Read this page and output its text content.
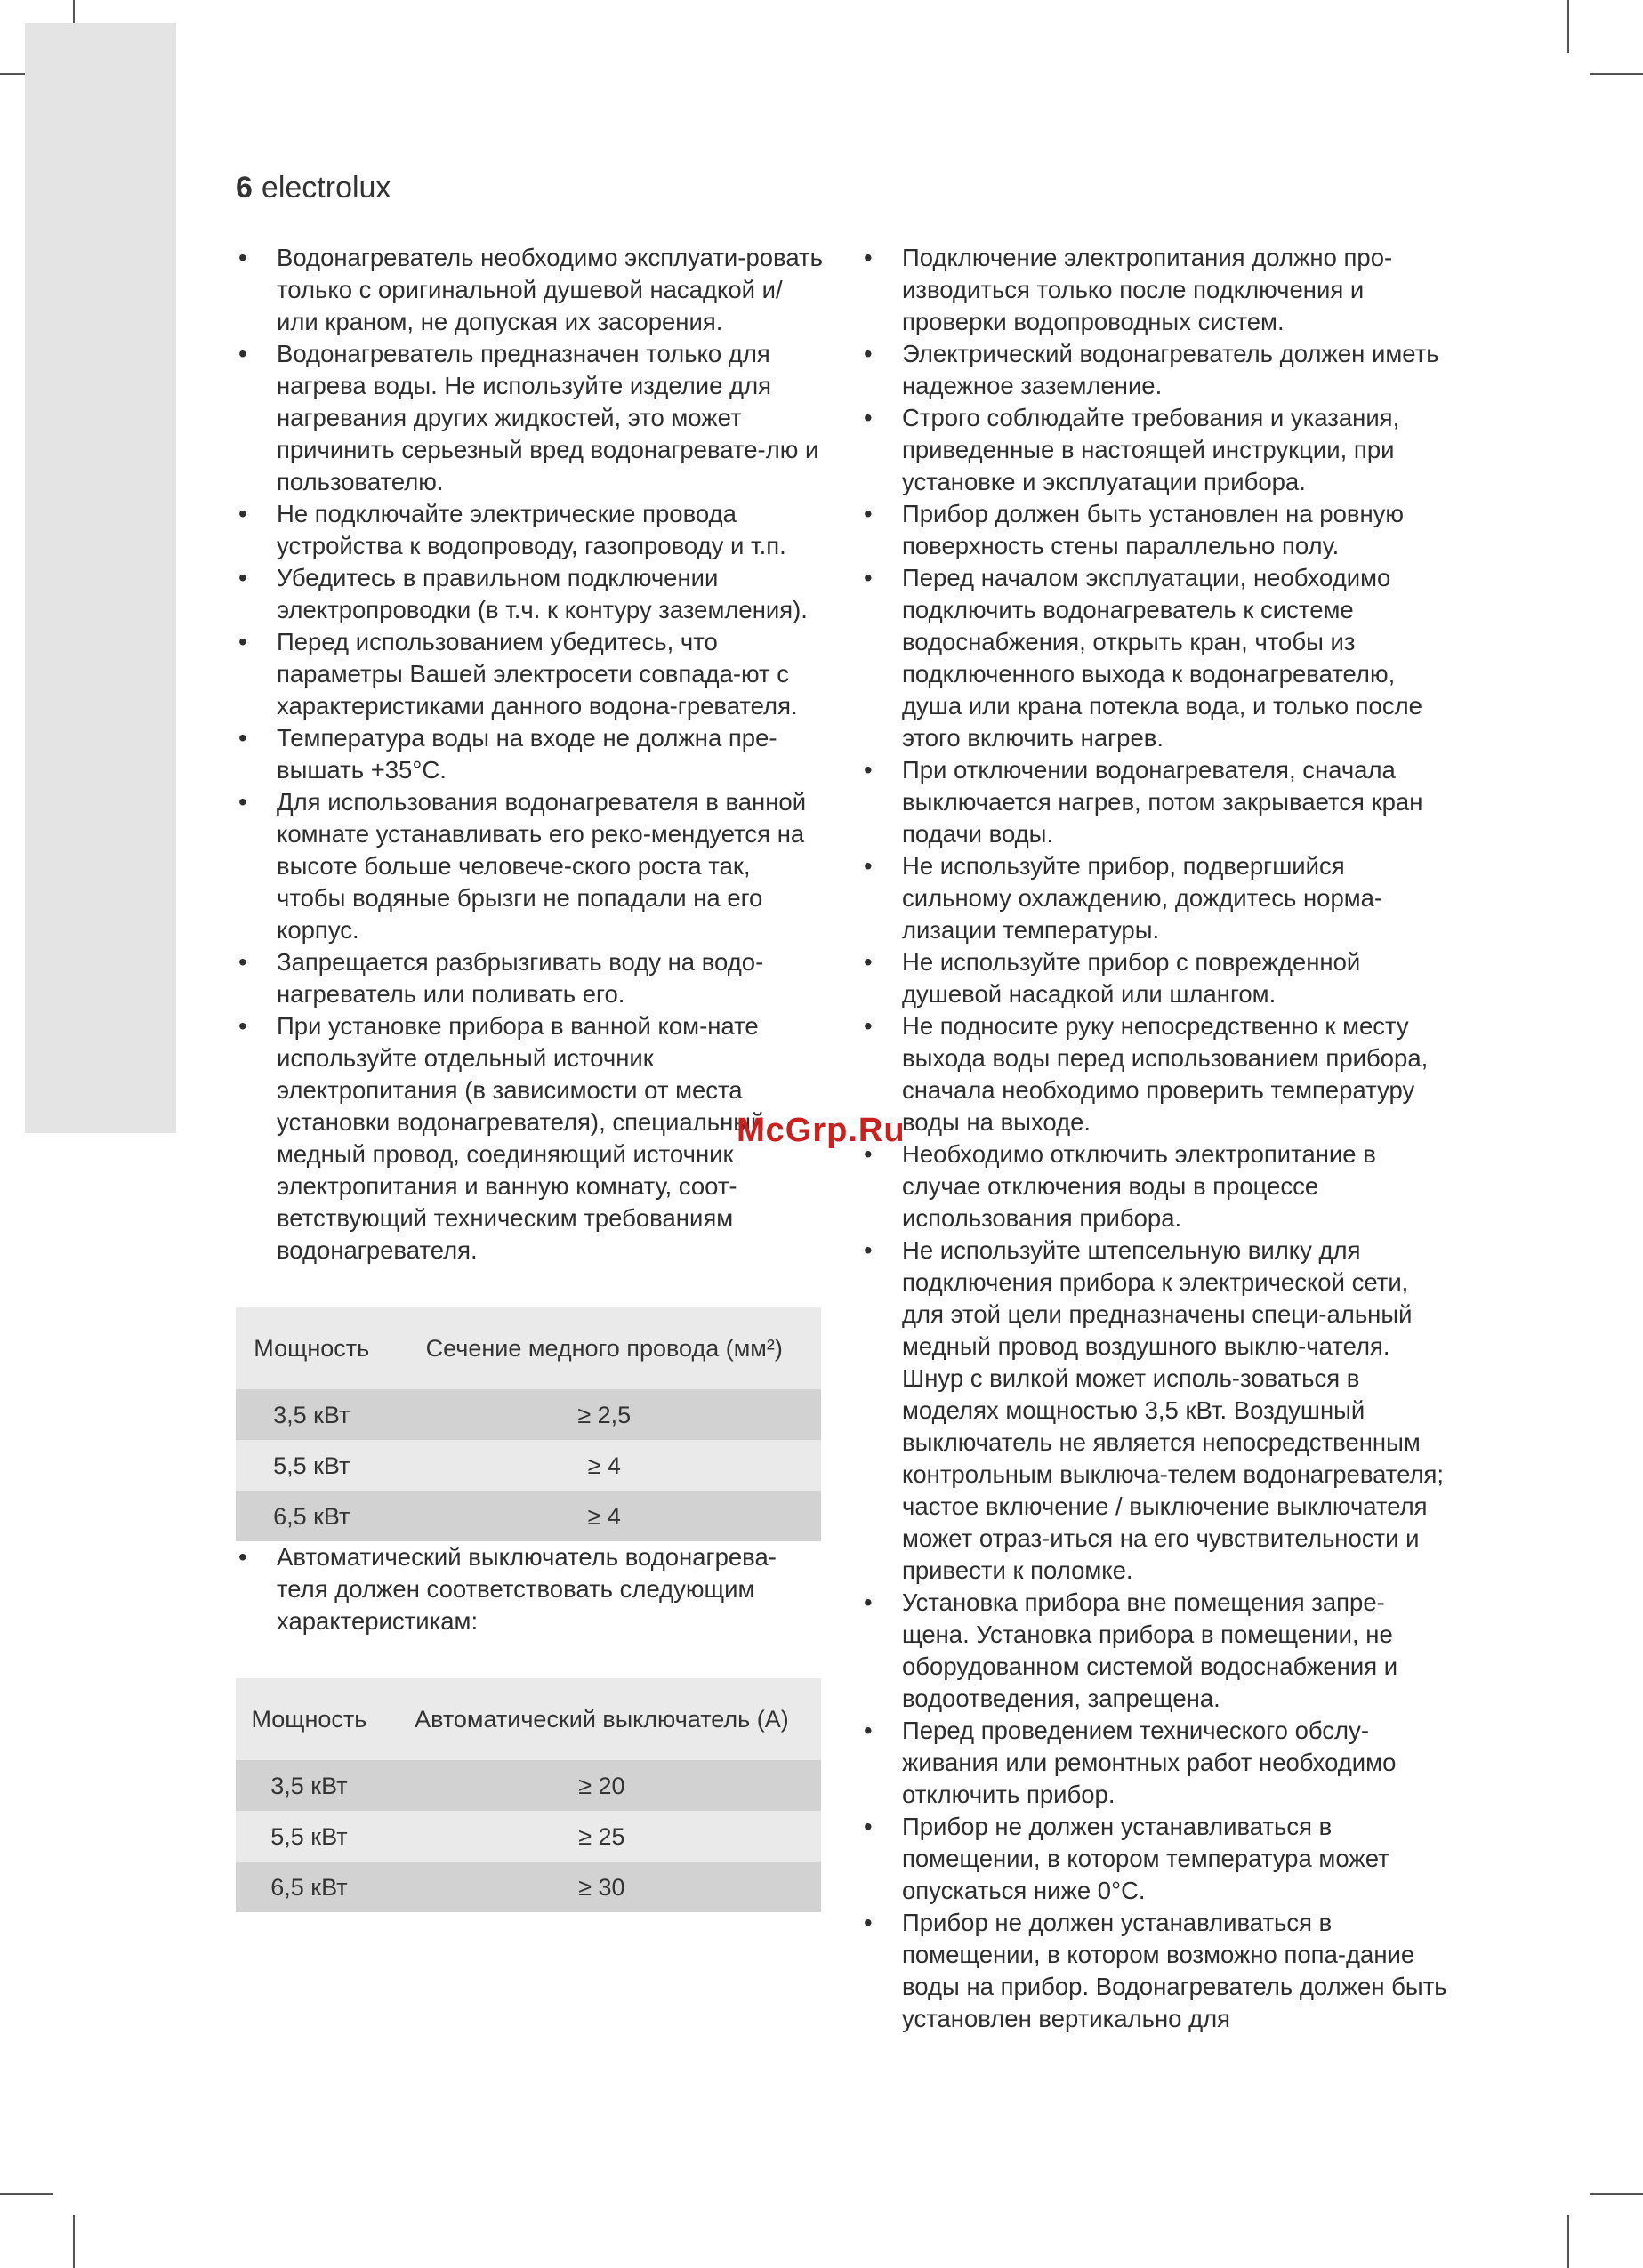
6 electrolux
• Водонагреватель необходимо эксплуати-ровать только с оригинальной душевой насадкой и/или краном, не допуская их засорения.
• Водонагреватель предназначен только для нагрева воды. Не используйте изделие для нагревания других жидкостей, это может причинить серьезный вред водонагревате-лю и пользователю.
• Не подключайте электрические провода устройства к водопроводу, газопроводу и т.п.
• Убедитесь в правильном подключении электропроводки (в т.ч. к контуру заземления).
• Перед использованием убедитесь, что параметры Вашей электросети совпада-ют с характеристиками данного водона-гревателя.
• Температура воды на входе не должна пре-вышать +35°С.
• Для использования водонагревателя в ванной комнате устанавливать его реко-мендуется на высоте больше человече-ского роста так, чтобы водяные брызги не попадали на его корпус.
• Запрещается разбрызгивать воду на водо-нагреватель или поливать его.
• При установке прибора в ванной ком-нате используйте отдельный источник электропитания (в зависимости от места установки водонагревателя), специальный медный провод, соединяющий источник электропитания и ванную комнату, соот-ветствующий техническим требованиям водонагревателя.
Мощность	Сечение медного провода (мм²)
3,5 кВт	≥ 2,5
5,5 кВт	≥ 4
6,5 кВт	≥ 4
• Автоматический выключатель водонагрева-теля должен соответствовать следующим характеристикам:
Мощность	Автоматический выключатель (А)
3,5 кВт	≥ 20
5,5 кВт	≥ 25
6,5 кВт	≥ 30
• Подключение электропитания должно про-изводиться только после подключения и проверки водопроводных систем.
• Электрический водонагреватель должен иметь надежное заземление.
• Строго соблюдайте требования и указания, приведенные в настоящей инструкции, при установке и эксплуатации прибора.
• Прибор должен быть установлен на ровную поверхность стены параллельно полу.
• Перед началом эксплуатации, необходимо подключить водонагреватель к системе водоснабжения, открыть кран, чтобы из подключенного выхода к водонагревателю, душа или крана потекла вода, и только после этого включить нагрев.
• При отключении водонагревателя, сначала выключается нагрев, потом закрывается кран подачи воды.
• Не используйте прибор, подвергшийся сильному охлаждению, дождитесь норма-лизации температуры.
• Не используйте прибор с поврежденной душевой насадкой или шлангом.
• Не подносите руку непосредственно к месту выхода воды перед использованием прибора, сначала необходимо проверить температуру воды на выходе.
• Необходимо отключить электропитание в случае отключения воды в процессе использования прибора.
• Не используйте штепсельную вилку для подключения прибора к электрической сети, для этой цели предназначены специ-альный медный провод воздушного выклю-чателя. Шнур с вилкой может исполь-зоваться в моделях мощностью 3,5 кВт. Воздушный выключатель не является непосредственным контрольным выключа-телем водонагревателя; частое включение / выключение выключателя может отраз-иться на его чувствительности и привести к поломке.
• Установка прибора вне помещения запре-щена. Установка прибора в помещении, не оборудованном системой водоснабжения и водоотведения, запрещена.
• Перед проведением технического обслу-живания или ремонтных работ необходимо отключить прибор.
• Прибор не должен устанавливаться в помещении, в котором температура может опускаться ниже 0°С.
• Прибор не должен устанавливаться в помещении, в котором возможно попа-дание воды на прибор. Водонагреватель должен быть установлен вертикально для
McGrp.Ru
